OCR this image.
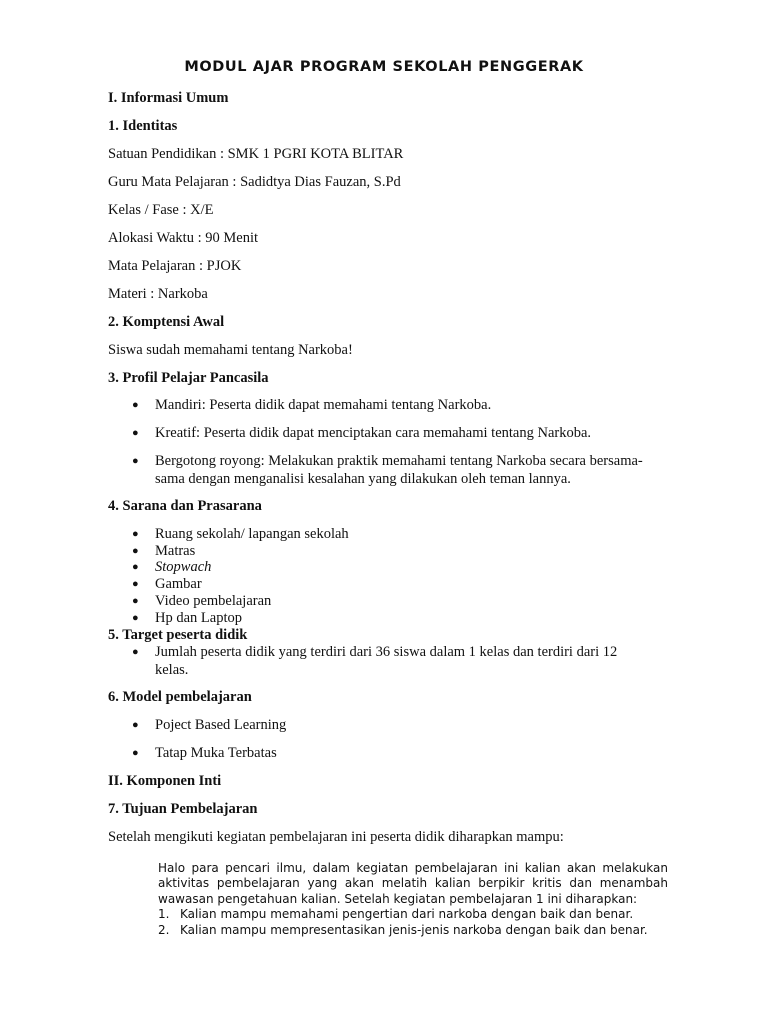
MODUL AJAR PROGRAM SEKOLAH PENGGERAK
I. Informasi Umum
1. Identitas
Satuan Pendidikan : SMK 1 PGRI KOTA BLITAR
Guru Mata Pelajaran : Sadidtya Dias Fauzan, S.Pd
Kelas / Fase : X/E
Alokasi Waktu : 90 Menit
Mata Pelajaran : PJOK
Materi : Narkoba
2. Komptensi Awal
Siswa sudah memahami tentang Narkoba!
3. Profil Pelajar Pancasila
● Mandiri: Peserta didik dapat memahami tentang Narkoba.
● Kreatif: Peserta didik dapat menciptakan cara memahami tentang Narkoba.
● Bergotong royong: Melakukan praktik memahami tentang Narkoba secara bersama-
sama dengan menganalisi kesalahan yang dilakukan oleh teman lannya.
4. Sarana dan Prasarana
● Ruang sekolah/ lapangan sekolah
● Matras
● Stopwach
● Gambar
● Video pembelajaran
● Hp dan Laptop
5. Target peserta didik
● Jumlah peserta didik yang terdiri dari 36 siswa dalam 1 kelas dan terdiri dari 12
kelas.
6. Model pembelajaran
● Poject Based Learning
● Tatap Muka Terbatas
II. Komponen Inti
7. Tujuan Pembelajaran
Setelah mengikuti kegiatan pembelajaran ini peserta didik diharapkan mampu:
Halo para pencari ilmu, dalam kegiatan pembelajaran ini kalian akan melakukan aktivitas pembelajaran yang akan melatih kalian berpikir kritis dan menambah wawasan pengetahuan kalian. Setelah kegiatan pembelajaran 1 ini diharapkan:
1. Kalian mampu memahami pengertian dari narkoba dengan baik dan benar.
2. Kalian mampu mempresentasikan jenis-jenis narkoba dengan baik dan benar.
